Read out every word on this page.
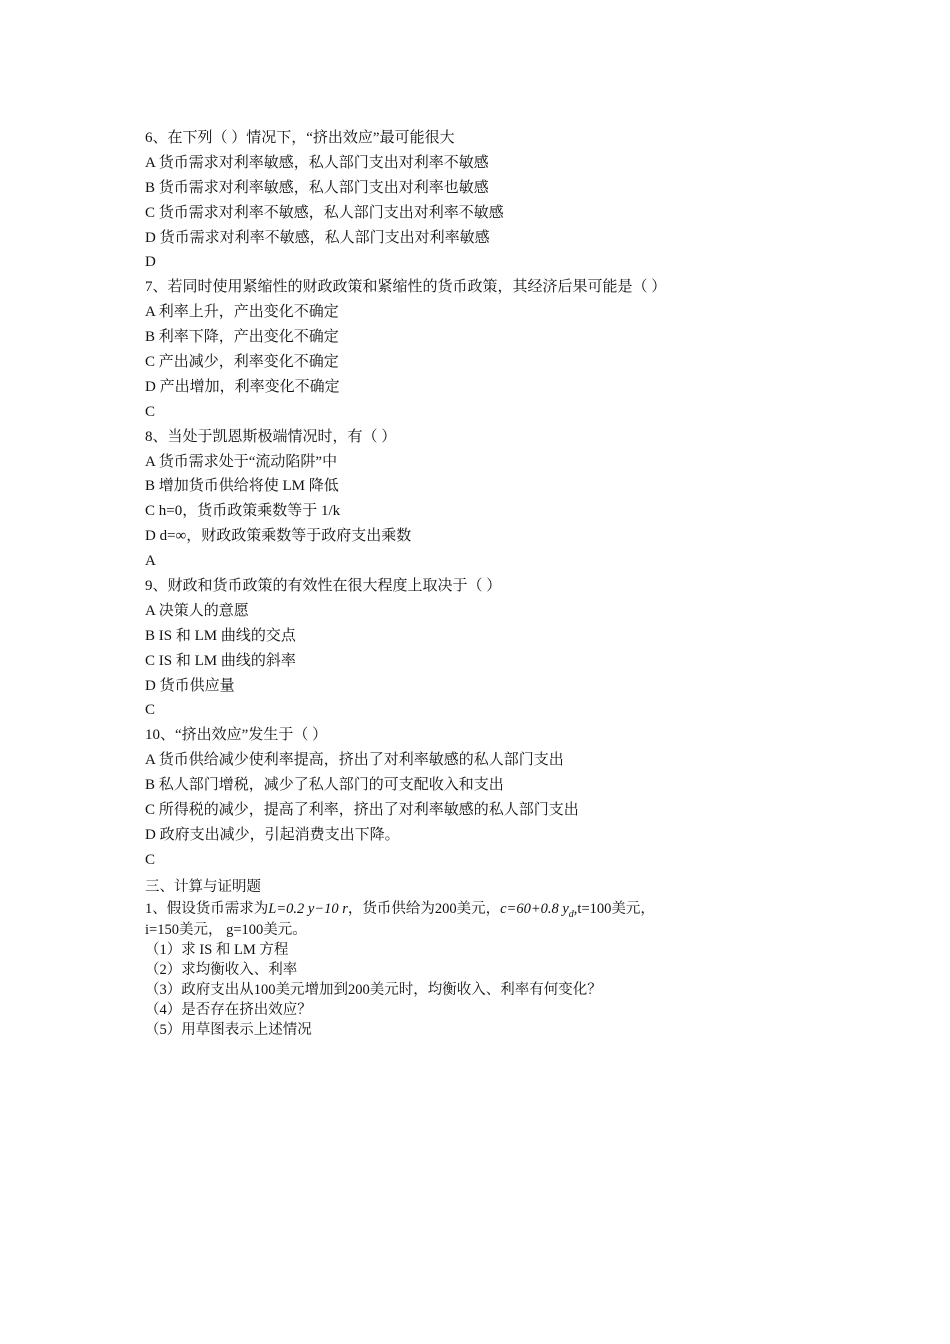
6、在下列（ ）情况下，“挤出效应”最可能很大
A 货币需求对利率敏感，私人部门支出对利率不敏感
B 货币需求对利率敏感，私人部门支出对利率也敏感
C 货币需求对利率不敏感，私人部门支出对利率不敏感
D 货币需求对利率不敏感，私人部门支出对利率敏感
D
7、若同时使用紧缩性的财政政策和紧缩性的货币政策，其经济后果可能是（ ）
A 利率上升，产出变化不确定
B 利率下降，产出变化不确定
C 产出减少，利率变化不确定
D 产出增加，利率变化不确定
C
8、当处于凯恩斯极端情况时，有（ ）
A 货币需求处于“流动陷阱”中
B 增加货币供给将使 LM 降低
C h=0，货币政策乘数等于 1/k
D d=∞，财政政策乘数等于政府支出乘数
A
9、财政和货币政策的有效性在很大程度上取决于（ ）
A 决策人的意愿
B IS 和 LM 曲线的交点
C IS 和 LM 曲线的斜率
D 货币供应量
C
10、“挤出效应”发生于（ ）
A 货币供给减少使利率提高，挤出了对利率敏感的私人部门支出
B 私人部门增税，减少了私人部门的可支配收入和支出
C 所得税的减少，提高了利率，挤出了对利率敏感的私人部门支出
D 政府支出减少，引起消费支出下降。
C
三、计算与证明题
1、假设货币需求为L=0.2 y−10 r，货币供给为200美元，c=60+0.8 $y_d,t=100$美元，
i=150美元， g=100美元。
（1）求 IS 和 LM 方程
（2）求均衡收入、利率
（3）政府支出从100美元增加到200美元时，均衡收入、利率有何变化？
（4）是否存在挤出效应？
（5）用草图表示上述情况
